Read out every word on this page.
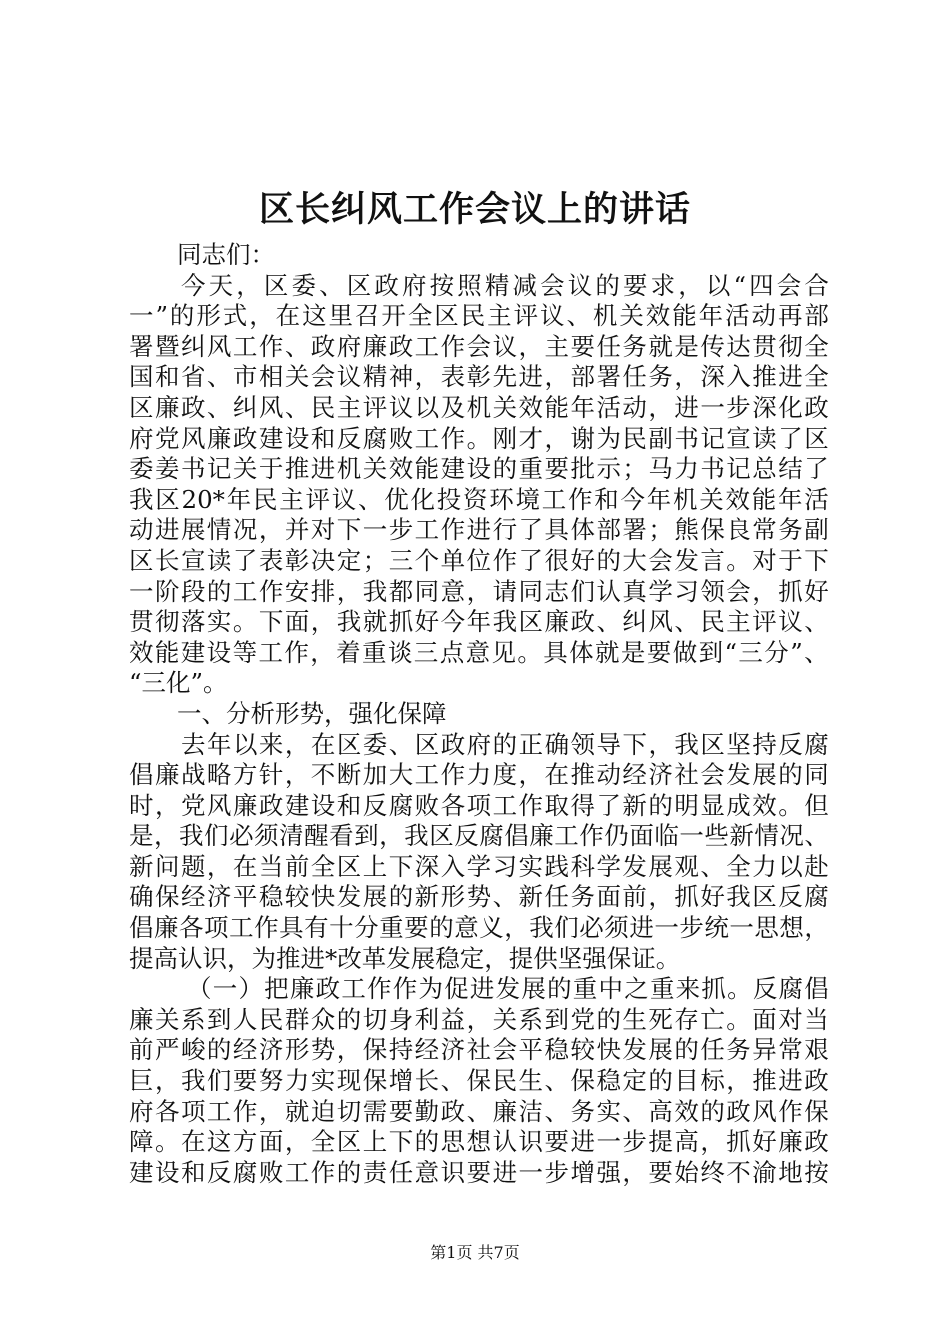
区长纠风工作会议上的讲话
同志们：
今 天 ， 区 委 、 区 政 府 按 照 精 减 会 议 的 要 求 ， 以 “ 四 会 合
一 ” 的 形 式 ， 在 这 里 召 开 全 区 民 主 评 议 、 机 关 效 能 年 活 动 再 部
署 暨 纠 风 工 作 、 政 府 廉 政 工 作 会 议 ， 主 要 任 务 就 是 传 达 贯 彻 全
国 和 省 、 市 相 关 会 议 精 神 ， 表 彰 先 进 ， 部 署 任 务 ， 深 入 推 进 全
区 廉 政 、 纠 风 、 民 主 评 议 以 及 机 关 效 能 年 活 动 ， 进 一 步 深 化 政
府 党 风 廉 政 建 设 和 反 腐 败 工 作 。 刚 才 ， 谢 为 民 副 书 记 宣 读 了 区
委 姜 书 记 关 于 推 进 机 关 效 能 建 设 的 重 要 批 示 ； 马 力 书 记 总 结 了
我 区 20* 年 民 主 评 议 、 优 化 投 资 环 境 工 作 和 今 年 机 关 效 能 年 活
动 进 展 情 况 ， 并 对 下 一 步 工 作 进 行 了 具 体 部 署 ； 熊 保 良 常 务 副
区 长 宣 读 了 表 彰 决 定 ； 三 个 单 位 作 了 很 好 的 大 会 发 言 。 对 于 下
一 阶 段 的 工 作 安 排 ， 我 都 同 意 ， 请 同 志 们 认 真 学 习 领 会 ， 抓 好
贯 彻 落 实 。 下 面 ， 我 就 抓 好 今 年 我 区 廉 政 、 纠 风 、 民 主 评 议 、
效 能 建 设 等 工 作 ， 着 重 谈 三 点 意 见 。 具 体 就 是 要 做 到 “ 三 分 ” 、
“三化”。
一、分析形势，强化保障
去 年 以 来 ， 在 区 委 、 区 政 府 的 正 确 领 导 下 ， 我 区 坚 持 反 腐
倡 廉 战 略 方 针 ， 不 断 加 大 工 作 力 度 ， 在 推 动 经 济 社 会 发 展 的 同
时 ， 党 风 廉 政 建 设 和 反 腐 败 各 项 工 作 取 得 了 新 的 明 显 成 效 。 但
是 ， 我 们 必 须 清 醒 看 到 ， 我 区 反 腐 倡 廉 工 作 仍 面 临 一 些 新 情 况 、
新 问 题 ， 在 当 前 全 区 上 下 深 入 学 习 实 践 科 学 发 展 观 、 全 力 以 赴
确 保 经 济 平 稳 较 快 发 展 的 新 形 势 、 新 任 务 面 前 ， 抓 好 我 区 反 腐
倡 廉 各 项 工 作 具 有 十 分 重 要 的 意 义 ， 我 们 必 须 进 一 步 统 一 思 想 ，
提高认识，为推进*改革发展稳定，提供坚强保证。
（ 一 ） 把 廉 政 工 作 作 为 促 进 发 展 的 重 中 之 重 来 抓 。 反 腐 倡
廉 关 系 到 人 民 群 众 的 切 身 利 益 ， 关 系 到 党 的 生 死 存 亡 。 面 对 当
前 严 峻 的 经 济 形 势 ， 保 持 经 济 社 会 平 稳 较 快 发 展 的 任 务 异 常 艰
巨 ， 我 们 要 努 力 实 现 保 增 长 、 保 民 生 、 保 稳 定 的 目 标 ， 推 进 政
府 各 项 工 作 ， 就 迫 切 需 要 勤 政 、 廉 洁 、 务 实 、 高 效 的 政 风 作 保
障 。 在 这 方 面 ， 全 区 上 下 的 思 想 认 识 要 进 一 步 提 高 ， 抓 好 廉 政
建 设 和 反 腐 败 工 作 的 责 任 意 识 要 进 一 步 增 强 ， 要 始 终 不 渝 地 按
第1页 共7页
